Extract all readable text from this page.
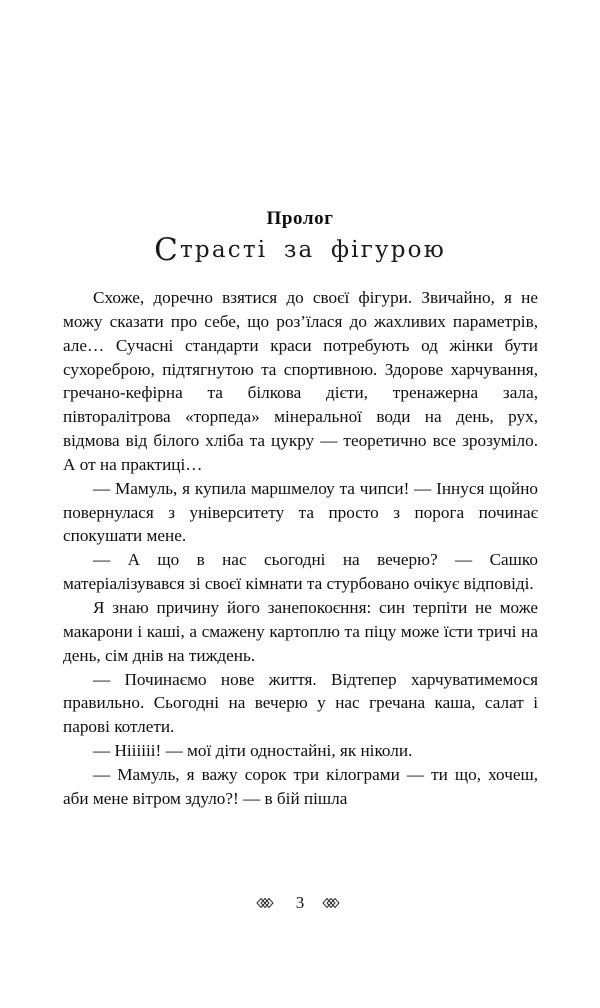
Пролог
Страсті за фігурою

Схоже, доречно взятися до своєї фігури. Звичайно, я не можу сказати про себе, що роз’їлася до жахливих параметрів, але… Сучасні стандарти краси потребують од жінки бути сухореброю, підтягнутою та спортивною. Здорове харчування, гречано-кефірна та білкова дієти, тренажерна зала, півторалітрова «торпеда» мінеральної води на день, рух, відмова від білого хліба та цукру — теоретично все зрозуміло. А от на практиці…

— Мамуль, я купила маршмелоу та чипси! — Іннуся щойно повернулася з університету та просто з порога починає спокушати мене.

— А що в нас сьогодні на вечерю? — Сашко матеріалізувався зі своєї кімнати та стурбовано очікує відповіді.

Я знаю причину його занепокоєння: син терпіти не може макарони і каші, а смажену картоплю та піцу може їсти тричі на день, сім днів на тиждень.

— Починаємо нове життя. Відтепер харчуватимемося правильно. Сьогодні на вечерю у нас гречана каша, салат і парові котлети.

— Ніііііі! — мої діти одностайні, як ніколи.

— Мамуль, я важу сорок три кілограми — ти що, хочеш, аби мене вітром здуло?! — в бій пішла

3
